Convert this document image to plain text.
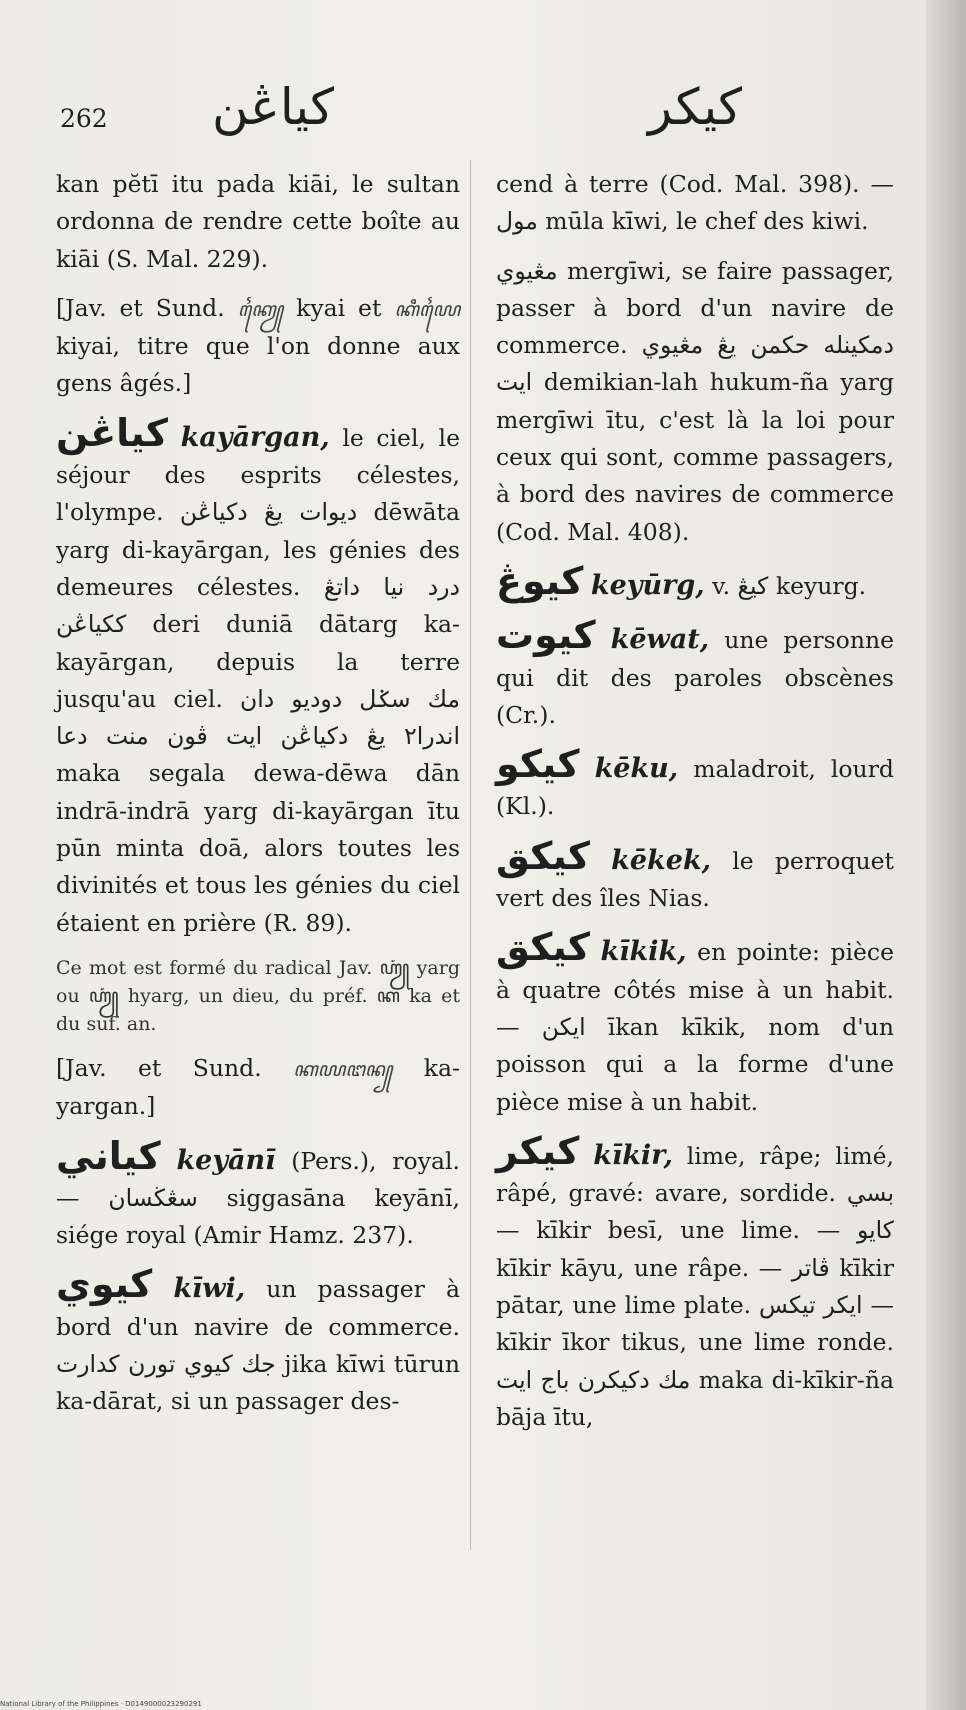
262 كياڠن	كيكر

kan pĕtī itu pada kiāi, le sultan ordonna de rendre cette boîte au kiāi (S. Mal. 229).

[Jav. et Sund. ꦏꦾꦻ kyai et ꦏꦶꦪꦻ kiyai, titre que l'on donne aux gens âgés.]

كياڠن kayārgan, le ciel, le séjour des esprits célestes, l'olympe. ديوات يڠ دكياڠن dēwāta yarg di-kayārgan, les génies des demeures célestes. درد نيا داتڠ ككياڠن deri duniā dātarg ka-kayārgan, depuis la terre jusqu'au ciel. مك سݢل دوديو دان اندرا٢ يڠ دكياڠن ايت ڤون منت دعا maka segala dewa-dēwa dān indrā-indrā yarg di-kayārgan ītu pūn minta doā, alors toutes les divinités et tous les génies du ciel étaient en prière (R. 89).

Ce mot est formé du radical Jav. ꦲꦾꦁ yarg ou ꦲꦾꦁ hyarg, un dieu, du préf. ꦏ ka et du suf. an.

[Jav. et Sund. ꦏꦪꦔꦤ꧀ ka-yargan.]

كياني keyānī (Pers.), royal. — سڠڬسان siggasāna keyānī, siége royal (Amir Hamz. 237).

كيوي kīwi, un passager à bord d'un navire de commerce. جك كيوي تورن كدارت jika kīwi tūrun ka-dārat, si un passager des-

cend à terre (Cod. Mal. 398). — مول mūla kīwi, le chef des kiwi.

مڠيوي mergīwi, se faire passager, passer à bord d'un navire de commerce. دمكينله حكمن يڠ مڠيوي ايت demikian-lah hukum-ña yarg mergīwi ītu, c'est là la loi pour ceux qui sont, comme passagers, à bord des navires de commerce (Cod. Mal. 408).

كيوڠ keyūrg, v. كيڠ keyurg.

كيوت kēwat, une personne qui dit des paroles obscènes (Cr.).

كيكو kēku, maladroit, lourd (Kl.).

كيكق kēkek, le perroquet vert des îles Nias.

كيكق kīkik, en pointe: pièce à quatre côtés mise à un habit. — ايكن īkan kīkik, nom d'un poisson qui a la forme d'une pièce mise à un habit.

كيكر kīkir, lime, râpe; limé, râpé, gravé: avare, sordide. بسي — kīkir besī, une lime. — كايو kīkir kāyu, une râpe. — ڤاتر kīkir pātar, une lime plate. تيكس ايكر — kīkir īkor tikus, une lime ronde. مك دكيكرن باج ايت maka di-kīkir-ña bāja ītu,

National Library of the Philippines · D0149000023290291
